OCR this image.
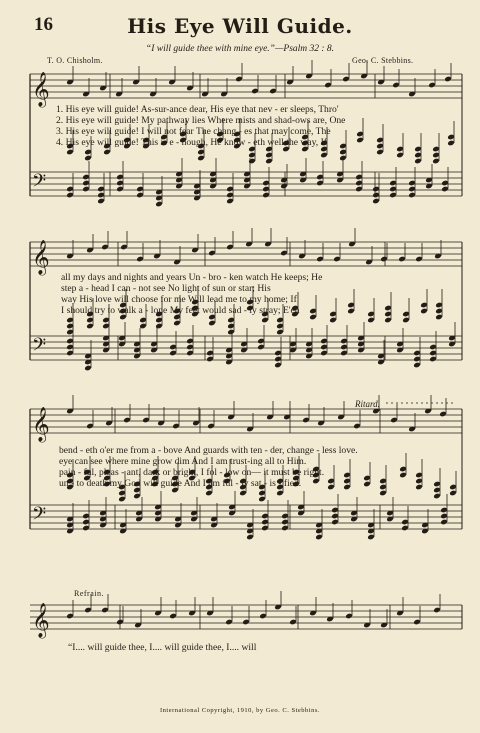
𝄞
𝄢
𝄞
𝄢
𝄞
𝄢
𝄞
16	His Eye Will Guide.
“I will guide thee with mine eye.”—Psalm 32 : 8.
T. O. Chisholm.	Geo. C. Stebbins.
1. His eye will guide! As-sur-ance dear, His eye that nev - er sleeps, Thro'
2. His eye will guide! My pathway lies Where mists and shad-ows are, One
3. His eye will guide! I will not fear The chang - es that may come, The
4. His eye will guide! This is e - nough, He know - eth well the way, If
all my days and nights and years Un - bro - ken watch He keeps; He
step a - head I can - not see No light of sun or star; His
way His love will choose for me Will lead me to my home; If
I should try to walk a - lone My feet would sad - ly stray; E'en
Ritard.
bend - eth o'er me from a - bove And guards with ten - der, change - less love.
eye can see where mine grow dim And I am trust-ing all to Him.
pain - ful, pleas - ant, dark or bright, I fol - low on— it must be right.
un - to death my God will guide And I am ful - ly sat - is - fied.
Refrain.
“I.... will guide thee, I.... will guide thee, I.... will
International Copyright, 1910, by Geo. C. Stebbins.
